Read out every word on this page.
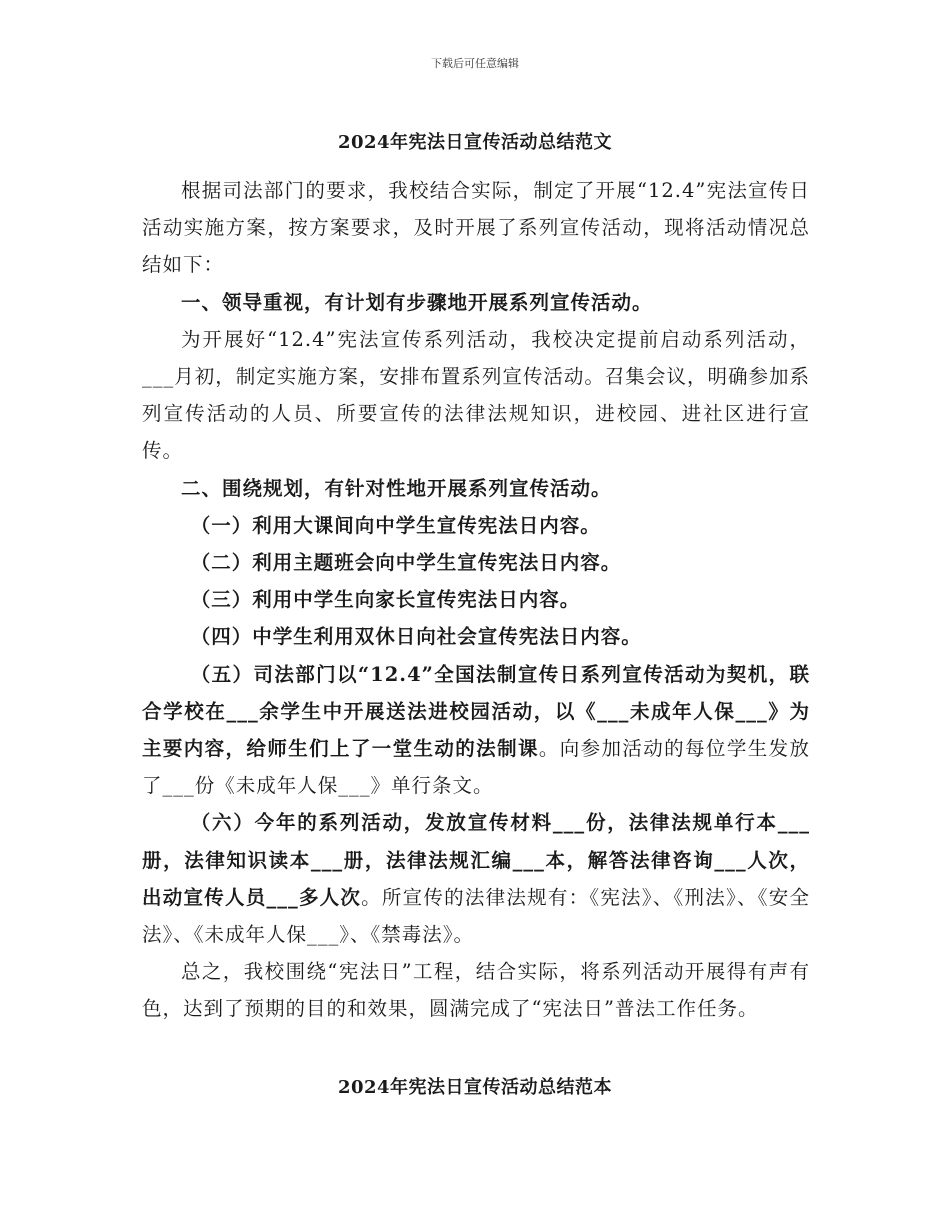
下载后可任意编辑
2024年宪法日宣传活动总结范文

根据司法部门的要求，我校结合实际，制定了开展“12.4”宪法宣传日活动实施方案，按方案要求，及时开展了系列宣传活动，现将活动情况总结如下：

一、领导重视，有计划有步骤地开展系列宣传活动。

为开展好“12.4”宪法宣传系列活动，我校决定提前启动系列活动，___月初，制定实施方案，安排布置系列宣传活动。召集会议，明确参加系列宣传活动的人员、所要宣传的法律法规知识，进校园、进社区进行宣传。

二、围绕规划，有针对性地开展系列宣传活动。

（一）利用大课间向中学生宣传宪法日内容。

（二）利用主题班会向中学生宣传宪法日内容。

（三）利用中学生向家长宣传宪法日内容。

（四）中学生利用双休日向社会宣传宪法日内容。

（五）司法部门以“12.4”全国法制宣传日系列宣传活动为契机，联合学校在___余学生中开展送法进校园活动，以《___未成年人保___》为主要内容，给师生们上了一堂生动的法制课。向参加活动的每位学生发放了___份《未成年人保___》单行条文。

（六）今年的系列活动，发放宣传材料___份，法律法规单行本___册，法律知识读本___册，法律法规汇编___本，解答法律咨询___人次，出动宣传人员___多人次。所宣传的法律法规有：《宪法》、《刑法》、《安全法》、《未成年人保___》、《禁毒法》。

总之，我校围绕“宪法日”工程，结合实际，将系列活动开展得有声有色，达到了预期的目的和效果，圆满完成了“宪法日”普法工作任务。

2024年宪法日宣传活动总结范本
